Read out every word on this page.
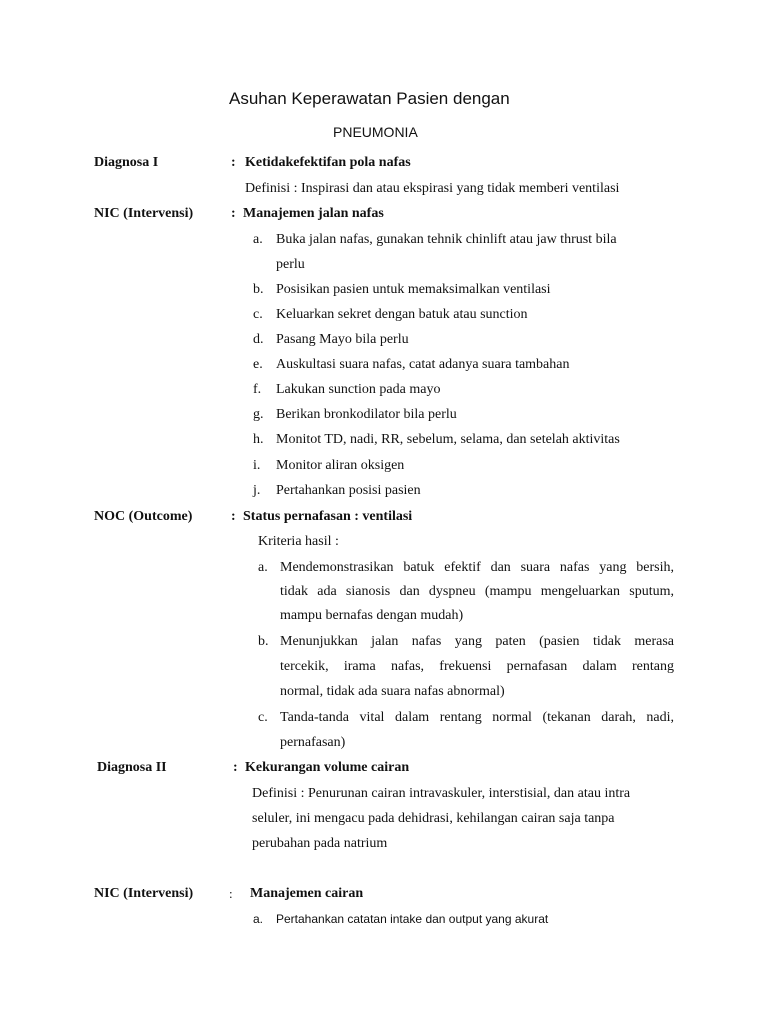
Asuhan Keperawatan Pasien dengan
PNEUMONIA
Diagnosa I	: Ketidakefektifan pola nafas
Definisi : Inspirasi dan atau ekspirasi yang tidak memberi ventilasi
NIC (Intervensi)	: Manajemen jalan nafas
a. Buka jalan nafas, gunakan tehnik chinlift atau jaw thrust bila
perlu
b. Posisikan pasien untuk memaksimalkan ventilasi
c. Keluarkan sekret dengan batuk atau sunction
d. Pasang Mayo bila perlu
e. Auskultasi suara nafas, catat adanya suara tambahan
f. Lakukan sunction pada mayo
g. Berikan bronkodilator bila perlu
h. Monitot TD, nadi, RR, sebelum, selama, dan setelah aktivitas
i. Monitor aliran oksigen
j. Pertahankan posisi pasien
NOC (Outcome)	: Status pernafasan : ventilasi
Kriteria hasil :
a. Mendemonstrasikan batuk efektif dan suara nafas yang bersih,
tidak ada sianosis dan dyspneu (mampu mengeluarkan sputum,
mampu bernafas dengan mudah)
b. Menunjukkan jalan nafas yang paten (pasien tidak merasa
tercekik, irama nafas, frekuensi pernafasan dalam rentang
normal, tidak ada suara nafas abnormal)
c. Tanda-tanda vital dalam rentang normal (tekanan darah, nadi,
pernafasan)
Diagnosa II	: Kekurangan volume cairan
Definisi : Penurunan cairan intravaskuler, interstisial, dan atau intra
seluler, ini mengacu pada dehidrasi, kehilangan cairan saja tanpa
perubahan pada natrium
NIC (Intervensi)	: Manajemen cairan
a. Pertahankan catatan intake dan output yang akurat
